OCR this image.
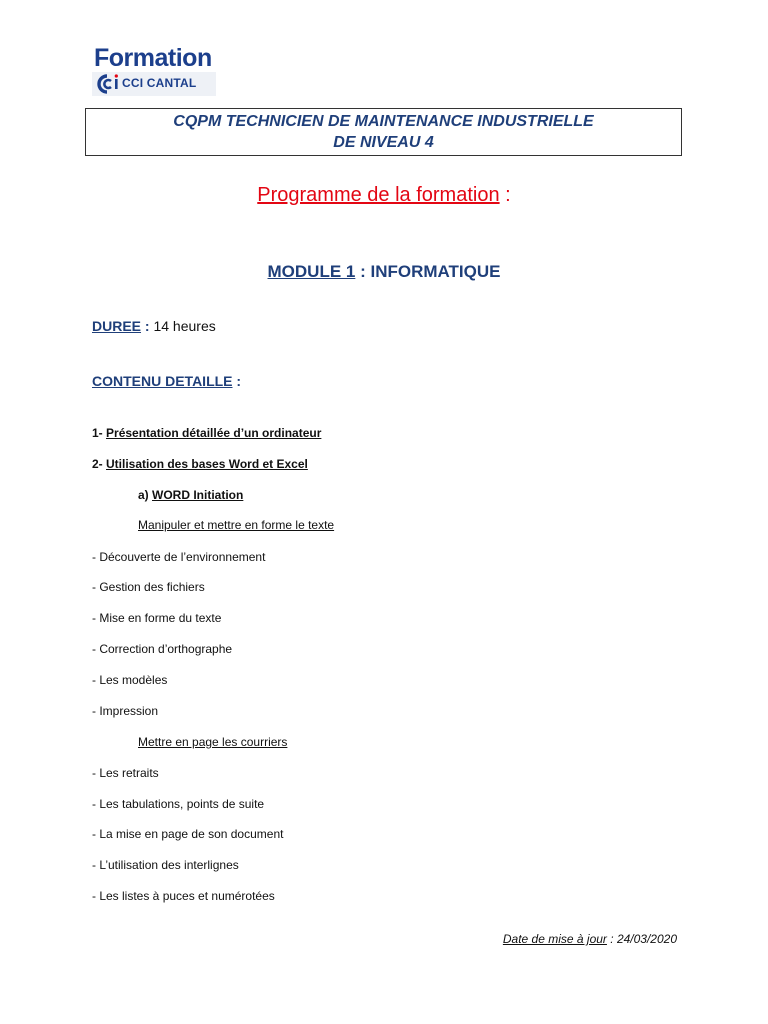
Formation
CCI CANTAL
CQPM TECHNICIEN DE MAINTENANCE INDUSTRIELLE
DE NIVEAU 4
Programme de la formation :
MODULE 1 : INFORMATIQUE
DUREE : 14 heures
CONTENU DETAILLE :
1- Présentation détaillée d’un ordinateur
2- Utilisation des bases Word et Excel
a) WORD Initiation
Manipuler et mettre en forme le texte
- Découverte de l’environnement
- Gestion des fichiers
- Mise en forme du texte
- Correction d’orthographe
- Les modèles
- Impression
Mettre en page les courriers
- Les retraits
- Les tabulations, points de suite
- La mise en page de son document
- L’utilisation des interlignes
- Les listes à puces et numérotées
Date de mise à jour : 24/03/2020
